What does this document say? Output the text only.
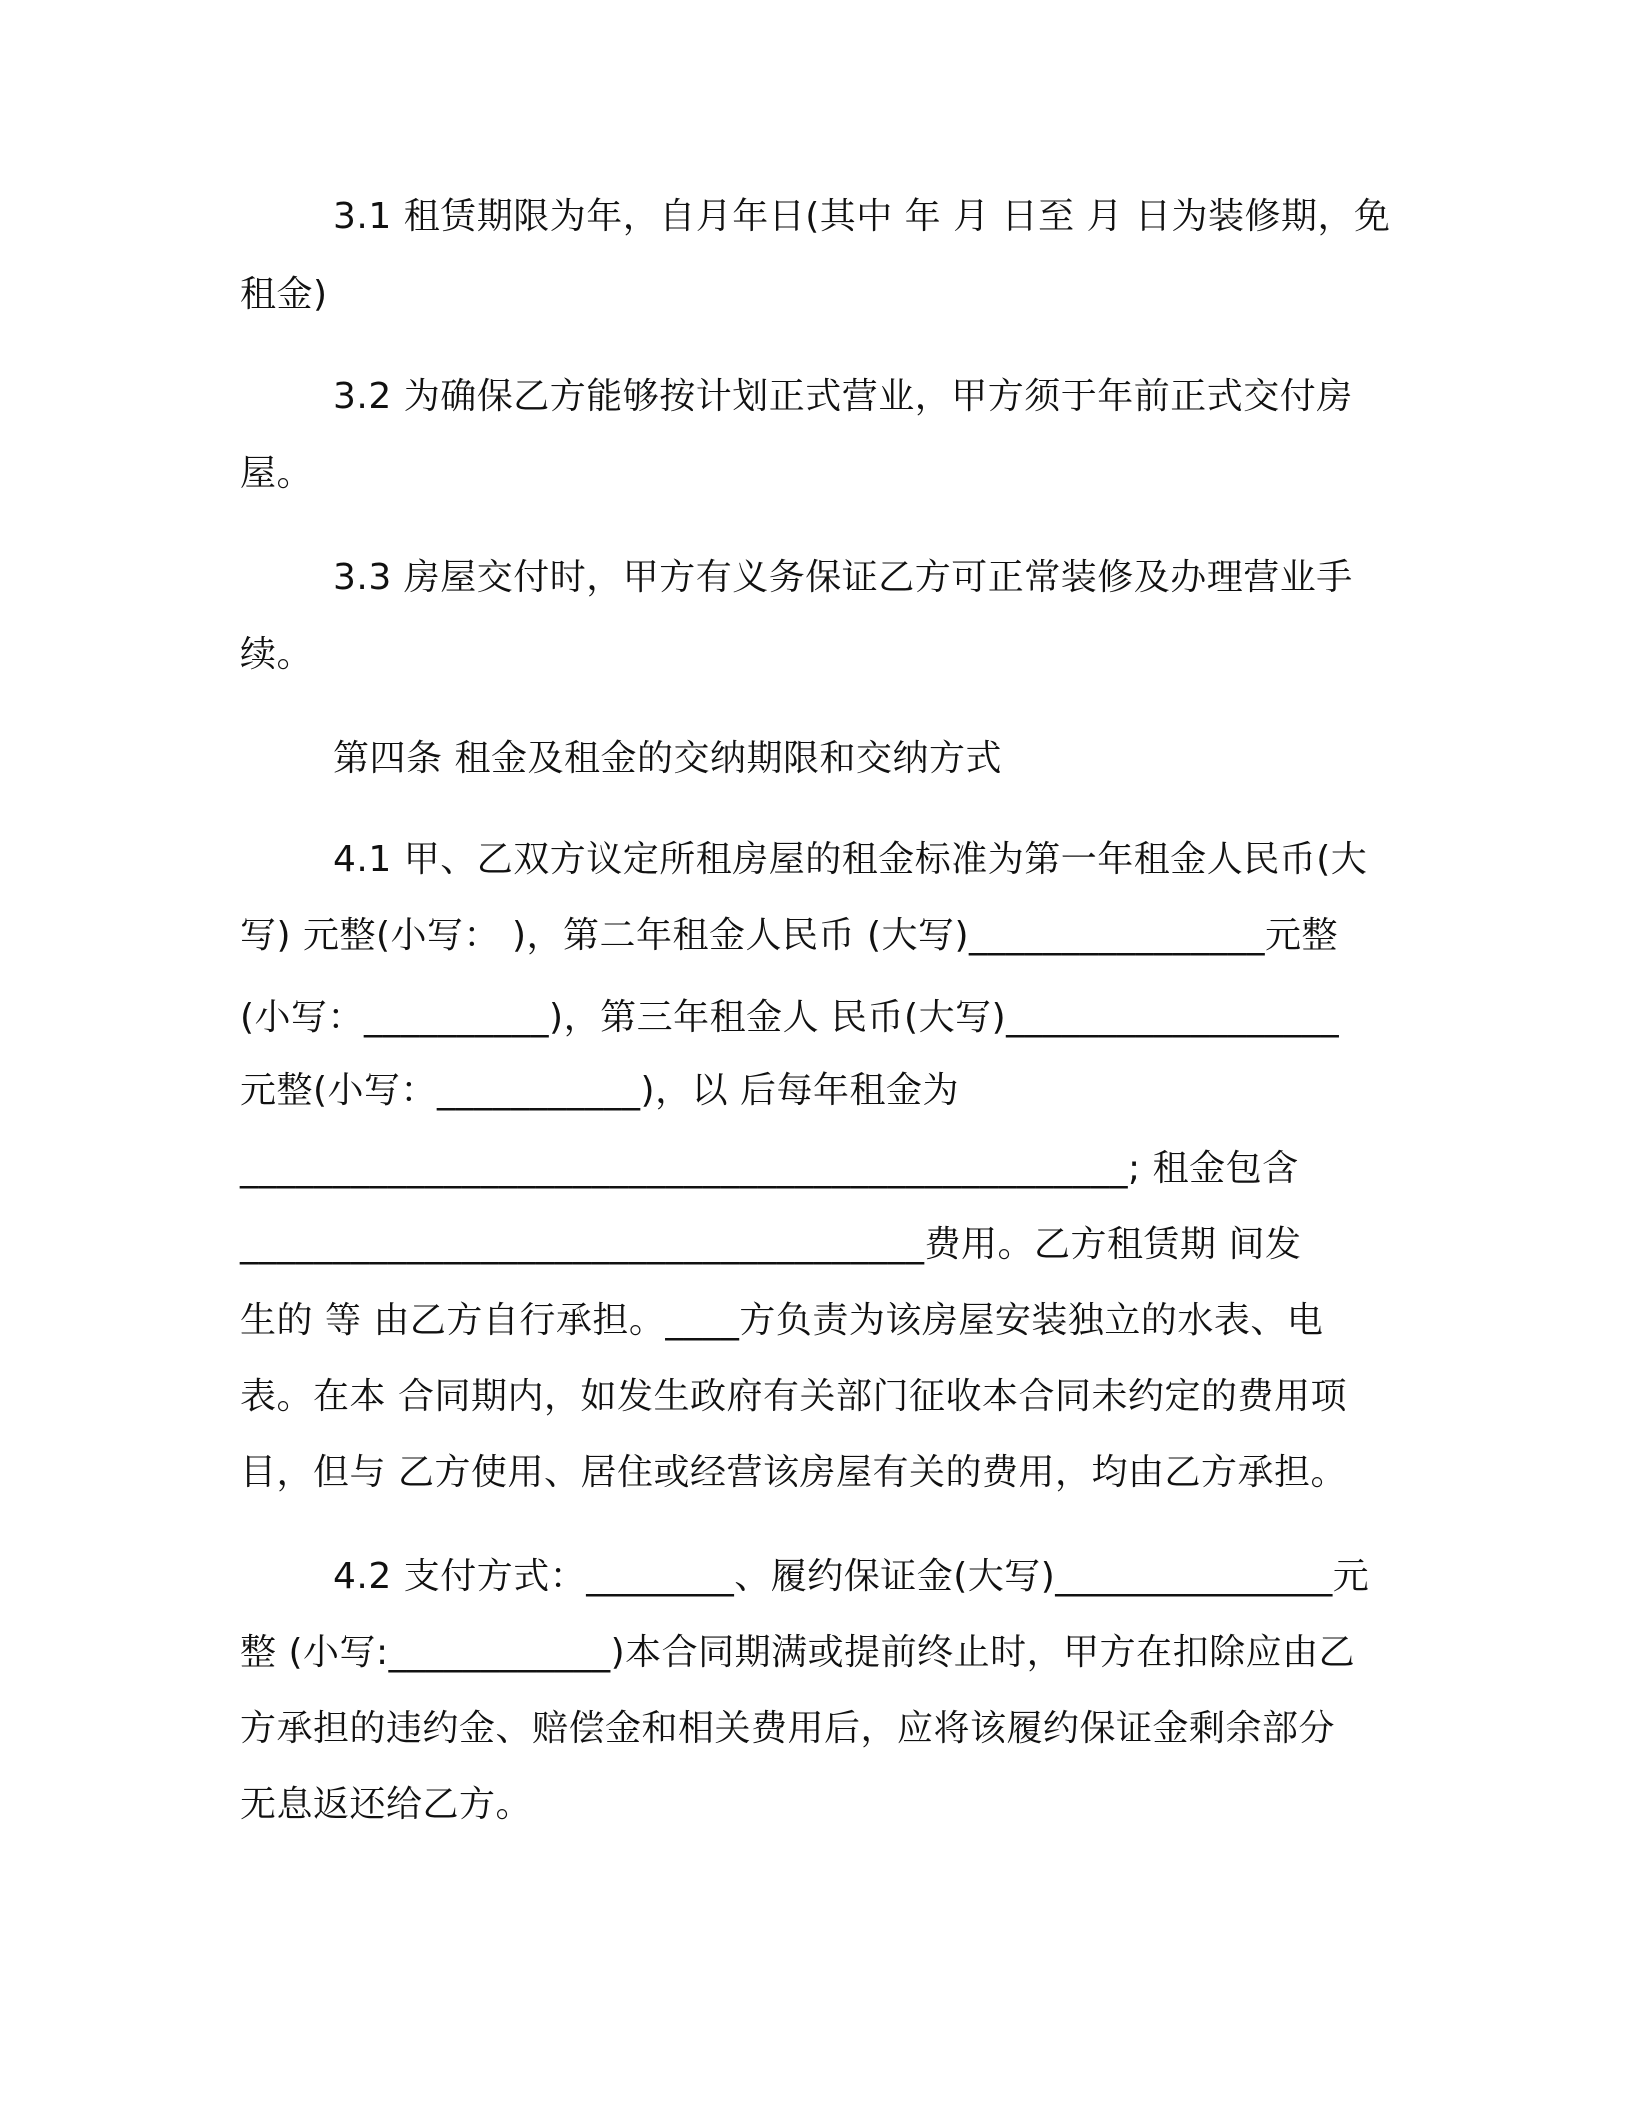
3.1 租赁期限为年，自月年日(其中 年 月 日至 月 日为装修期，免

租金)

3.2 为确保乙方能够按计划正式营业，甲方须于年前正式交付房

屋。

3.3 房屋交付时，甲方有义务保证乙方可正常装修及办理营业手

续。

第四条 租金及租金的交纳期限和交纳方式

4.1 甲、乙双方议定所租房屋的租金标准为第一年租金人民币(大

写) 元整(小写： )，第二年租金人民币 (大写)________________元整

(小写：__________)，第三年租金人 民币(大写)__________________

元整(小写：___________)，以 后每年租金为

________________________________________________; 租金包含

_____________________________________费用。乙方租赁期 间发

生的 等 由乙方自行承担。____方负责为该房屋安装独立的水表、电

表。在本 合同期内，如发生政府有关部门征收本合同未约定的费用项

目，但与 乙方使用、居住或经营该房屋有关的费用，均由乙方承担。

4.2 支付方式：________、履约保证金(大写)_______________元

整 (小写:____________)本合同期满或提前终止时，甲方在扣除应由乙

方承担的违约金、赔偿金和相关费用后，应将该履约保证金剩余部分

无息返还给乙方。
